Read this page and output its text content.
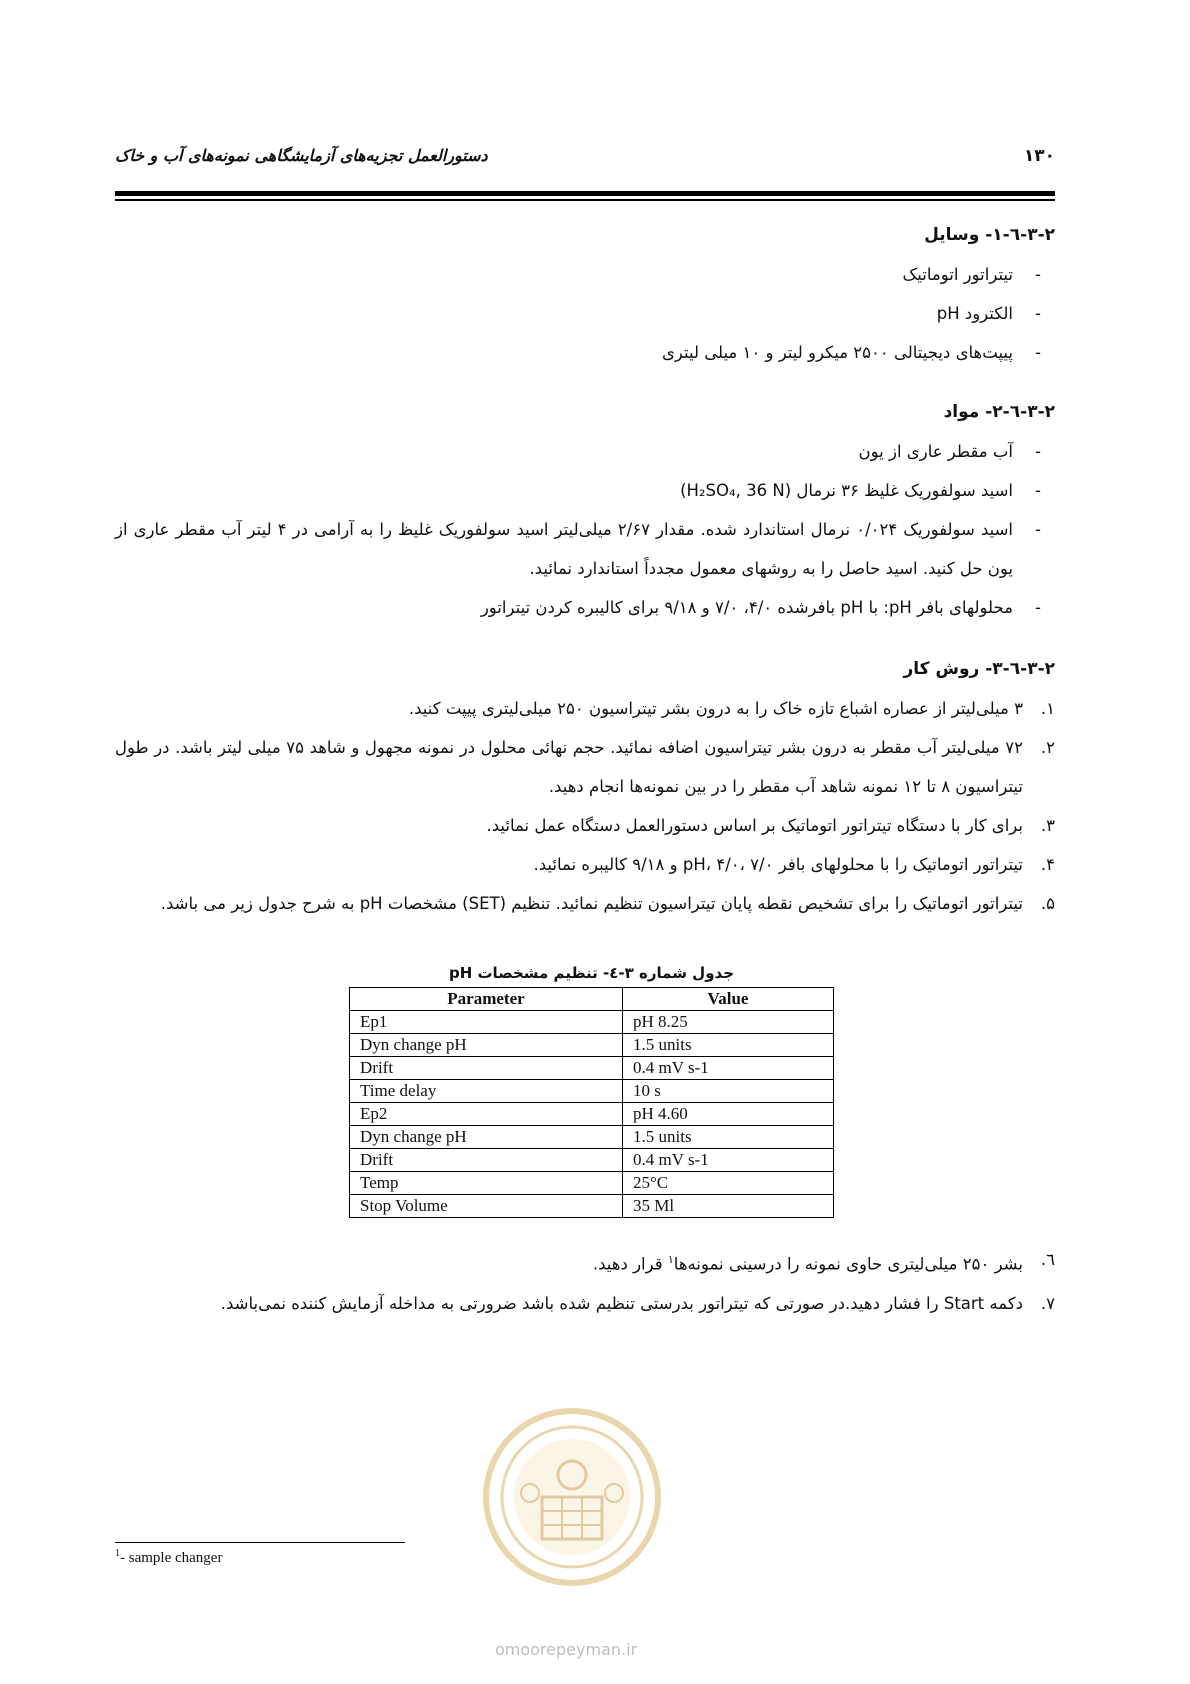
دستورالعمل تجزیه‌های آزمایشگاهی نمونه‌های آب و خاک	۱۳۰
۳-۲-٦-۱- وسایل
-
تیتراتور اتوماتیک
-
الکترود pH
-
پیپت‌های دیجیتالی ۲۵۰۰ میکرو لیتر و ۱۰ میلی لیتری
۳-۲-٦-۲- مواد
-
آب مقطر عاری از یون
-
اسید سولفوریک غلیظ ۳۶ نرمال (H₂SO₄, 36 N)
-
اسید سولفوریک ۰/۰۲۴ نرمال استاندارد شده. مقدار ۲/۶۷ میلی‌لیتر اسید سولفوریک غلیظ را به آرامی در ۴ لیتر آب مقطر عاری از یون حل کنید. اسید حاصل را به روشهای معمول مجدداً استاندارد نمائید.
-
محلولهای بافر pH: با pH بافرشده ۴/۰، ۷/۰ و ۹/۱۸ برای کالیبره کردن تیتراتور
۳-۲-٦-۳- روش کار
۱.
۳ میلی‌لیتر از عصاره اشباع تازه خاک را به درون بشر تیتراسیون ۲۵۰ میلی‌لیتری پیپت کنید.
۲.
۷۲ میلی‌لیتر آب مقطر به درون بشر تیتراسیون اضافه نمائید. حجم نهائی محلول در نمونه مجهول و شاهد ۷۵ میلی لیتر باشد. در طول تیتراسیون ۸ تا ۱۲ نمونه شاهد آب مقطر را در بین نمونه‌ها انجام دهید.
۳.
برای کار با دستگاه تیتراتور اتوماتیک بر اساس دستورالعمل دستگاه عمل نمائید.
۴.
تیتراتور اتوماتیک را با محلولهای بافر pH، ۴/۰، ۷/۰ و ۹/۱۸ کالیبره نمائید.
۵.
تیتراتور اتوماتیک را برای تشخیص نقطه پایان تیتراسیون تنظیم نمائید. تنظیم (SET) مشخصات pH به شرح جدول زیر می باشد.
جدول شماره ۳-٤- تنظیم مشخصات pH
Parameter	Value
Ep1	pH 8.25
Dyn change pH	1.5 units
Drift	0.4 mV s-1
Time delay	10 s
Ep2	pH 4.60
Dyn change pH	1.5 units
Drift	0.4 mV s-1
Temp	25°C
Stop Volume	35 Ml
٦.
بشر ۲۵۰ میلی‌لیتری حاوی نمونه را درسینی نمونه‌ها$^۱$ قرار دهید.
۷.
دکمه Start را فشار دهید.در صورتی که تیتراتور بدرستی تنظیم شده باشد ضرورتی به مداخله آزمایش کننده نمی‌باشد.
omoorepeyman.ir
$^1$- sample changer
